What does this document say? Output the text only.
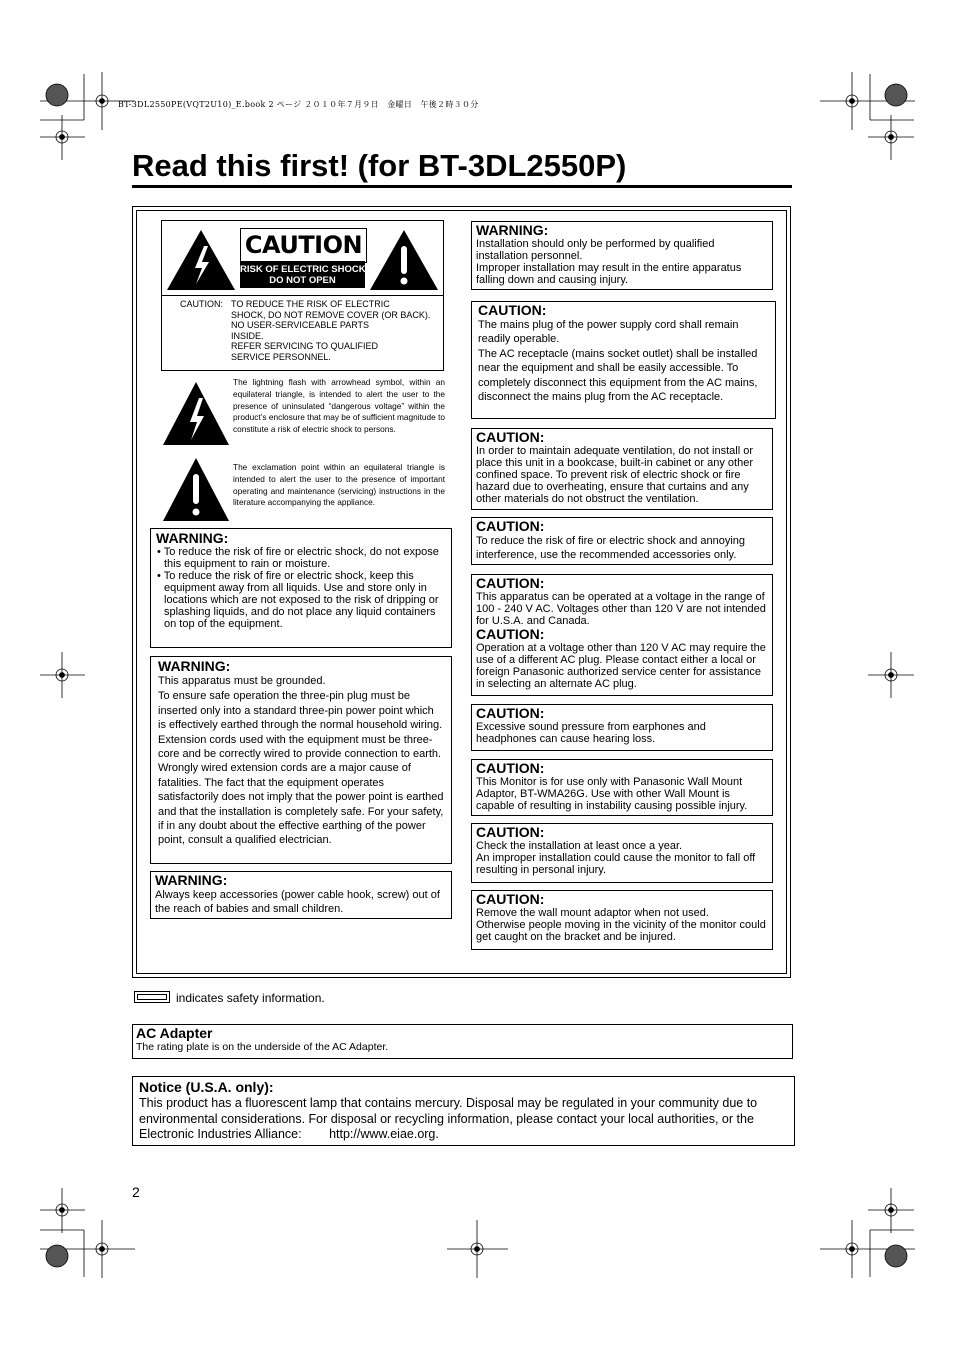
BT-3DL2550PE(VQT2U10)_E.book 2 ページ ２０１０年７月９日　金曜日　午後２時３０分
Read this first! (for BT-3DL2550P)
CAUTION
RISK OF ELECTRIC SHOCK
DO NOT OPEN
CAUTION: TO REDUCE THE RISK OF ELECTRIC
SHOCK, DO NOT REMOVE COVER (OR BACK).
NO USER-SERVICEABLE PARTS
INSIDE.
REFER SERVICING TO QUALIFIED
SERVICE PERSONNEL.
The lightning flash with arrowhead symbol, within an equilateral triangle, is intended to alert the user to the presence of uninsulated “dangerous voltage” within the product’s enclosure that may be of sufficient magnitude to constitute a risk of electric shock to persons.
The exclamation point within an equilateral triangle is intended to alert the user to the presence of important operating and maintenance (servicing) instructions in the literature accompanying the appliance.
WARNING:

• To reduce the risk of fire or electric shock, do not expose this equipment to rain or moisture.

• To reduce the risk of fire or electric shock, keep this equipment away from all liquids. Use and store only in locations which are not exposed to the risk of dripping or splashing liquids, and do not place any liquid containers on top of the equipment.

WARNING:

This apparatus must be grounded.

To ensure safe operation the three-pin plug must be inserted only into a standard three-pin power point which is effectively earthed through the normal household wiring. Extension cords used with the equipment must be three-core and be correctly wired to provide connection to earth. Wrongly wired extension cords are a major cause of fatalities. The fact that the equipment operates satisfactorily does not imply that the power point is earthed and that the installation is completely safe. For your safety, if in any doubt about the effective earthing of the power point, consult a qualified electrician.

WARNING:

Always keep accessories (power cable hook, screw) out of the reach of babies and small children.

WARNING:

Installation should only be performed by qualified installation personnel.
Improper installation may result in the entire apparatus falling down and causing injury.

CAUTION:

The mains plug of the power supply cord shall remain readily operable.
The AC receptacle (mains socket outlet) shall be installed near the equipment and shall be easily accessible. To completely disconnect this equipment from the AC mains, disconnect the mains plug from the AC receptacle.

CAUTION:

In order to maintain adequate ventilation, do not install or place this unit in a bookcase, built-in cabinet or any other confined space. To prevent risk of electric shock or fire hazard due to overheating, ensure that curtains and any other materials do not obstruct the ventilation.

CAUTION:

To reduce the risk of fire or electric shock and annoying interference, use the recommended accessories only.

CAUTION:

This apparatus can be operated at a voltage in the range of 100 - 240 V AC. Voltages other than 120 V are not intended for U.S.A. and Canada.

CAUTION:

Operation at a voltage other than 120 V AC may require the use of a different AC plug. Please contact either a local or foreign Panasonic authorized service center for assistance in selecting an alternate AC plug.

CAUTION:

Excessive sound pressure from earphones and headphones can cause hearing loss.

CAUTION:

This Monitor is for use only with Panasonic Wall Mount Adaptor, BT-WMA26G. Use with other Wall Mount is capable of resulting in instability causing possible injury.

CAUTION:

Check the installation at least once a year.
An improper installation could cause the monitor to fall off resulting in personal injury.

CAUTION:

Remove the wall mount adaptor when not used.
Otherwise people moving in the vicinity of the monitor could get caught on the bracket and be injured.

indicates safety information.
AC Adapter

The rating plate is on the underside of the AC Adapter.

Notice (U.S.A. only):

This product has a fluorescent lamp that contains mercury. Disposal may be regulated in your community due to environmental considerations. For disposal or recycling information, please contact your local authorities, or the Electronic Industries Alliance: http://www.eiae.org.

2
